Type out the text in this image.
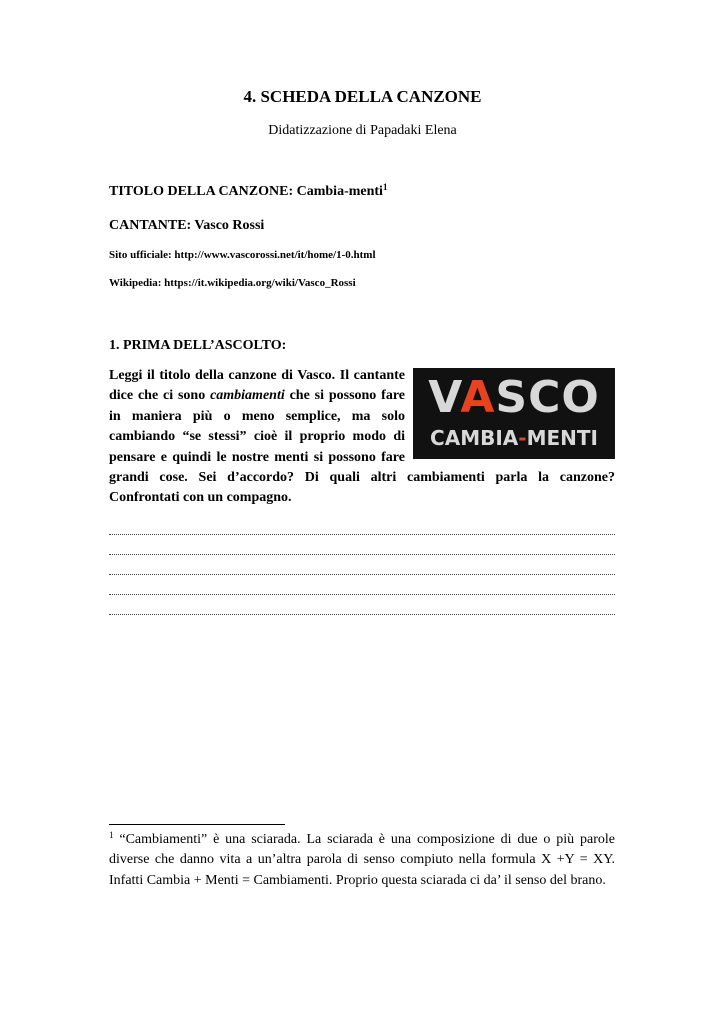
4. SCHEDA DELLA CANZONE
Didatizzazione di Papadaki Elena
TITOLO DELLA CANZONE: Cambia-menti$^1$
CANTANTE: Vasco Rossi
Sito ufficiale: http://www.vascorossi.net/it/home/1-0.html
Wikipedia: https://it.wikipedia.org/wiki/Vasco_Rossi
1. PRIMA DELL’ASCOLTO:
VASCO
CAMBIA-MENTI
Leggi il titolo della canzone di Vasco. Il cantante dice che ci sono cambiamenti che si possono fare in maniera più o meno semplice, ma solo cambiando “se stessi” cioè il proprio modo di pensare e quindi le nostre menti si possono fare grandi cose. Sei d’accordo? Di quali altri cambiamenti parla la canzone? Confrontati con un compagno.
$^1$ “Cambiamenti” è una sciarada. La sciarada è una composizione di due o più parole diverse che danno vita a un’altra parola di senso compiuto nella formula X +Y = XY. Infatti Cambia + Menti = Cambiamenti. Proprio questa sciarada ci da’ il senso del brano.
